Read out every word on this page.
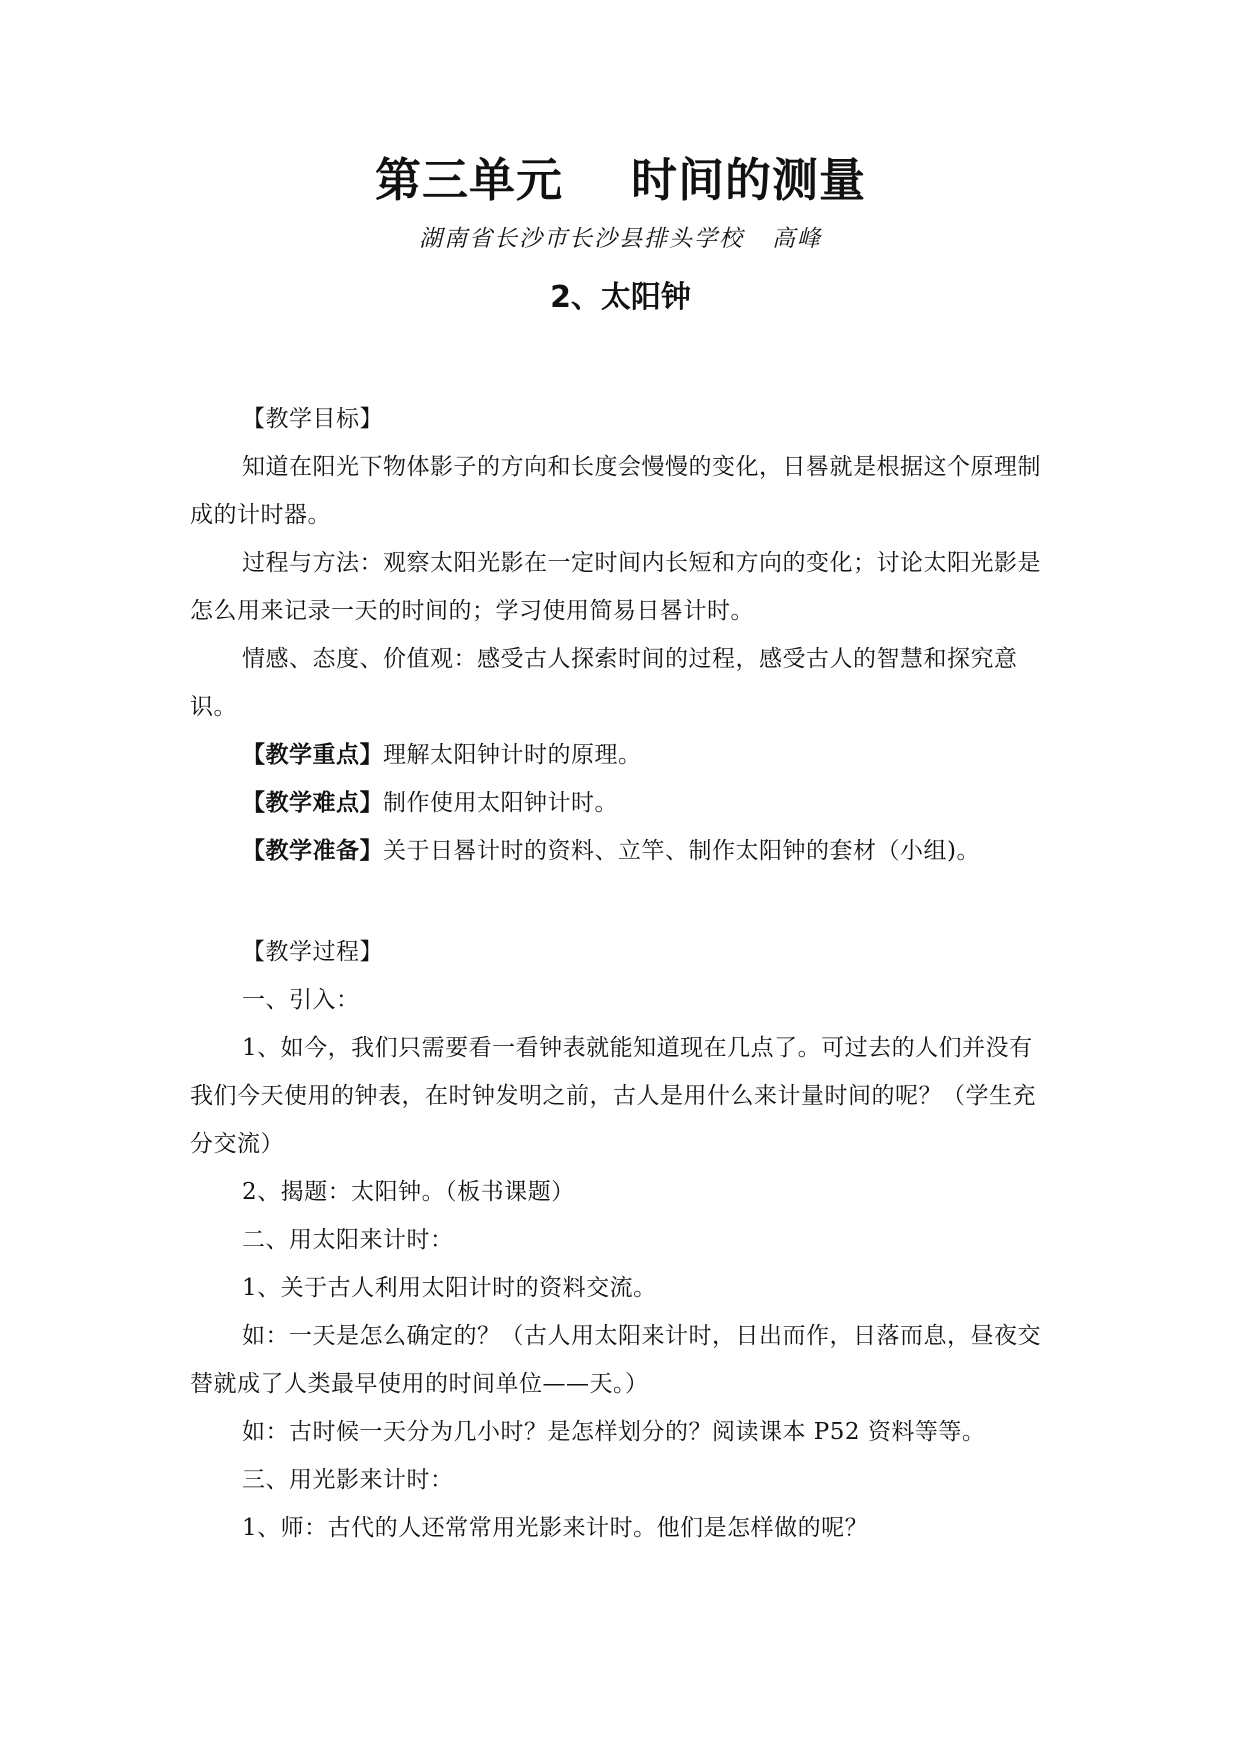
第三单元    时间的测量
湖南省长沙市长沙县排头学校   高峰
2、太阳钟

【教学目标】

知道在阳光下物体影子的方向和长度会慢慢的变化，日晷就是根据这个原理制成的计时器。

过程与方法：观察太阳光影在一定时间内长短和方向的变化；讨论太阳光影是怎么用来记录一天的时间的；学习使用简易日晷计时。

情感、态度、价值观：感受古人探索时间的过程，感受古人的智慧和探究意识。

【教学重点】理解太阳钟计时的原理。

【教学难点】制作使用太阳钟计时。

【教学准备】关于日晷计时的资料、立竿、制作太阳钟的套材（小组)。

【教学过程】

一、引入：

1、如今，我们只需要看一看钟表就能知道现在几点了。可过去的人们并没有我们今天使用的钟表，在时钟发明之前，古人是用什么来计量时间的呢？（学生充分交流）

2、揭题：太阳钟。（板书课题）

二、用太阳来计时：

1、关于古人利用太阳计时的资料交流。

如：一天是怎么确定的？（古人用太阳来计时，日出而作，日落而息，昼夜交替就成了人类最早使用的时间单位——天。）

如：古时候一天分为几小时？是怎样划分的？阅读课本 P52 资料等等。

三、用光影来计时：

1、师：古代的人还常常用光影来计时。他们是怎样做的呢？
